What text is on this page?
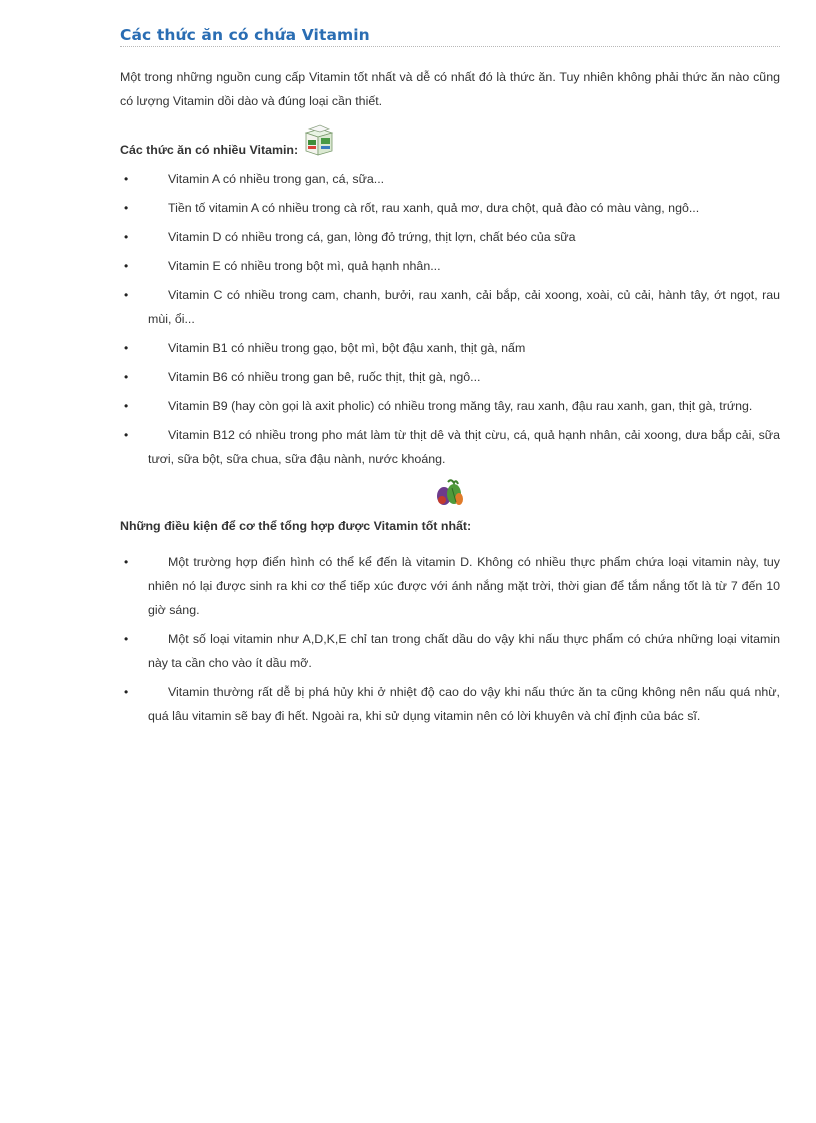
Các thức ăn có chứa Vitamin

Một trong những nguồn cung cấp Vitamin tốt nhất và dễ có nhất đó là thức ăn. Tuy nhiên không phải thức ăn nào cũng có lượng Vitamin dồi dào và đúng loại cần thiết.

Các thức ăn có nhiều Vitamin:
•	Vitamin A có nhiều trong gan, cá, sữa...
•	Tiền tố vitamin A có nhiều trong cà rốt, rau xanh, quả mơ, dưa chột, quả đào có màu vàng, ngô...
•	Vitamin D có nhiều trong cá, gan, lòng đỏ trứng, thịt lợn, chất béo của sữa
•	Vitamin E có nhiều trong bột mì, quả hạnh nhân...
•	Vitamin C có nhiều trong cam, chanh, bưởi, rau xanh, cải bắp, cải xoong, xoài, củ cải, hành tây, ớt ngọt, rau mùi, ổi...
•	Vitamin B1 có nhiều trong gạo, bột mì, bột đậu xanh, thịt gà, nấm
•	Vitamin B6 có nhiều trong gan bê, ruốc thịt, thịt gà, ngô...
•	Vitamin B9 (hay còn gọi là axit pholic) có nhiều trong măng tây, rau xanh, đậu rau xanh, gan, thịt gà, trứng.
•	Vitamin B12 có nhiều trong pho mát làm từ thịt dê và thịt cừu, cá, quả hạnh nhân, cải xoong, dưa bắp cải, sữa tươi, sữa bột, sữa chua, sữa đậu nành, nước khoáng.
Những điều kiện để cơ thể tổng hợp được Vitamin tốt nhất:
•	Một trường hợp điển hình có thể kể đến là vitamin D. Không có nhiều thực phẩm chứa loại vitamin này, tuy nhiên nó lại được sinh ra khi cơ thể tiếp xúc được với ánh nắng mặt trời, thời gian để tắm nắng tốt là từ 7 đến 10 giờ sáng.
•	Một số loại vitamin như A,D,K,E chỉ tan trong chất dầu do vậy khi nấu thực phẩm có chứa những loại vitamin này ta cần cho vào ít dầu mỡ.
•	Vitamin thường rất dễ bị phá hủy khi ở nhiệt độ cao do vậy khi nấu thức ăn ta cũng không nên nấu quá nhừ, quá lâu vitamin sẽ bay đi hết. Ngoài ra, khi sử dụng vitamin nên có lời khuyên và chỉ định của bác sĩ.
